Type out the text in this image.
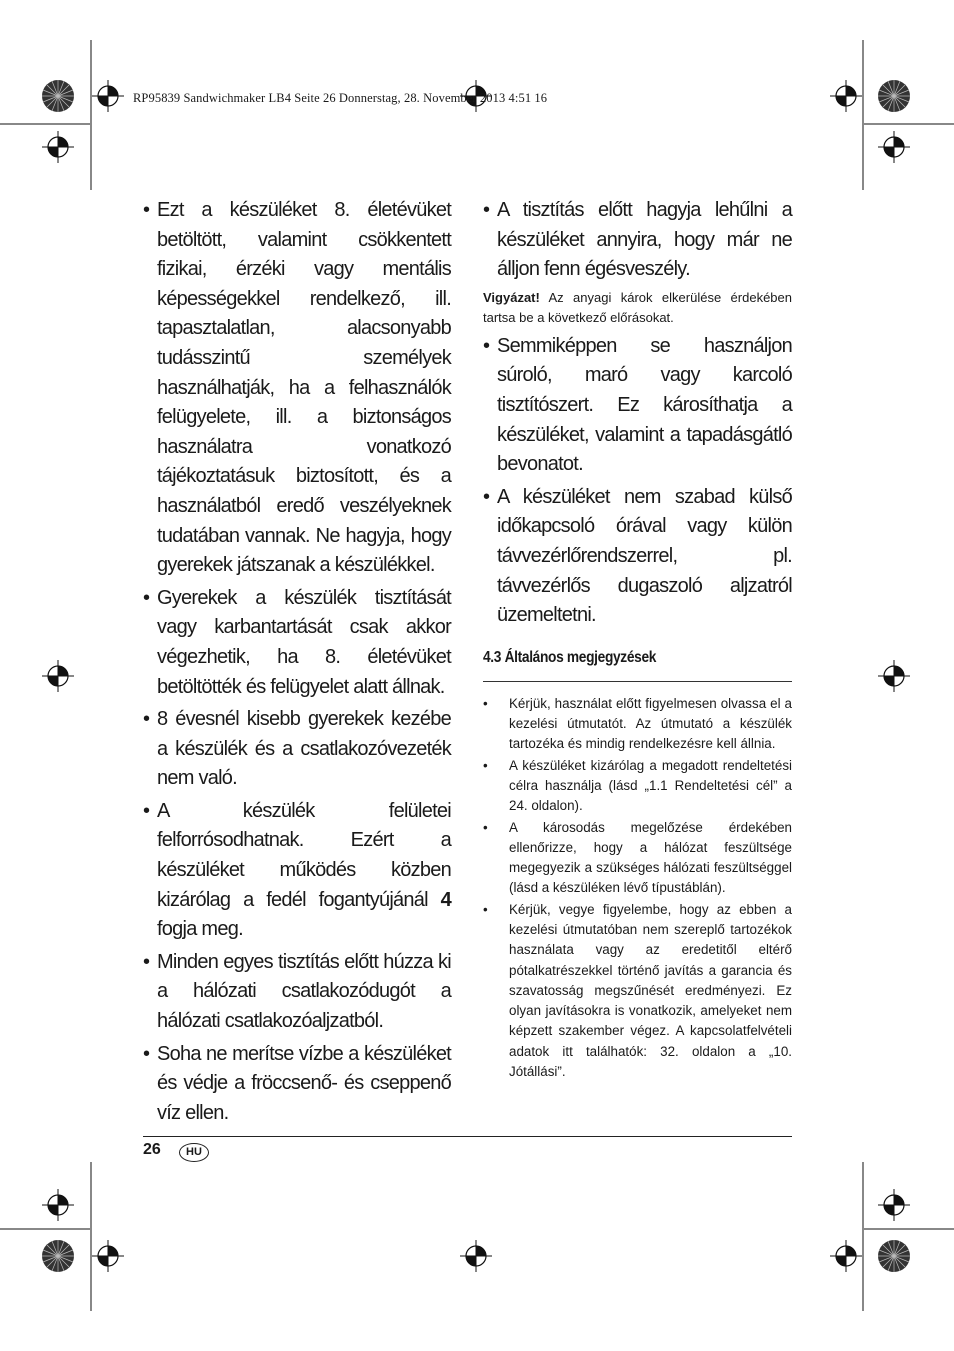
RP95839 Sandwichmaker LB4 Seite 26 Donnerstag, 28. November 2013 4:51 16

• Ezt a készüléket 8. életévüket betöltött, valamint csökkentett fizikai, érzéki vagy mentális képességekkel rendelkező, ill. tapasztalatlan, alacsonyabb tudásszintű személyek használhatják, ha a felhasználók felügyelete, ill. a biztonságos használatra vonatkozó tájékoztatásuk biztosított, és a használatból eredő veszélyeknek tudatában vannak. Ne hagyja, hogy gyerekek játszanak a készülékkel.

• Gyerekek a készülék tisztítását vagy karbantartását csak akkor végezhetik, ha 8. életévüket betöltötték és felügyelet alatt állnak.

• 8 évesnél kisebb gyerekek kezébe a készülék és a csatlakozóvezeték nem való.

• A készülék felületei felforrósodhatnak. Ezért a készüléket működés közben kizárólag a fedél fogantyújánál 4 fogja meg.

• Minden egyes tisztítás előtt húzza ki a hálózati csatlakozódugót a hálózati csatlakozóaljzatból.

• Soha ne merítse vízbe a készüléket és védje a fröccsenő- és cseppenő víz ellen.

• A tisztítás előtt hagyja lehűlni a készüléket annyira, hogy már ne álljon fenn égésveszély.

Vigyázat! Az anyagi károk elkerülése érdekében tartsa be a következő előrásokat.

• Semmiképpen se használjon súroló, maró vagy karcoló tisztítószert. Ez károsíthatja a készüléket, valamint a tapadásgátló bevonatot.

• A készüléket nem szabad külső időkapcsoló órával vagy külön távvezérlőrendszerrel, pl. távvezérlős dugaszoló aljzatról üzemeltetni.

4.3 Általános megjegyzések
• Kérjük, használat előtt figyelmesen olvassa el a kezelési útmutatót. Az útmutató a készülék tartozéka és mindig rendelkezésre kell állnia.
• A készüléket kizárólag a megadott rendeltetési célra használja (lásd „1.1 Rendeltetési cél” a 24. oldalon).
• A károsodás megelőzése érdekében ellenőrizze, hogy a hálózat feszültsége megegyezik a szükséges hálózati feszültséggel (lásd a készüléken lévő típustáblán).
• Kérjük, vegye figyelembe, hogy az ebben a kezelési útmutatóban nem szereplő tartozékok használata vagy az eredetitől eltérő pótalkatrészekkel történő javítás a garancia és szavatosság megszűnését eredményezi. Ez olyan javításokra is vonatkozik, amelyeket nem képzett szakember végez. A kapcsolatfelvételi adatok itt találhatók: 32. oldalon a „10. Jótállási”.
26	HU
